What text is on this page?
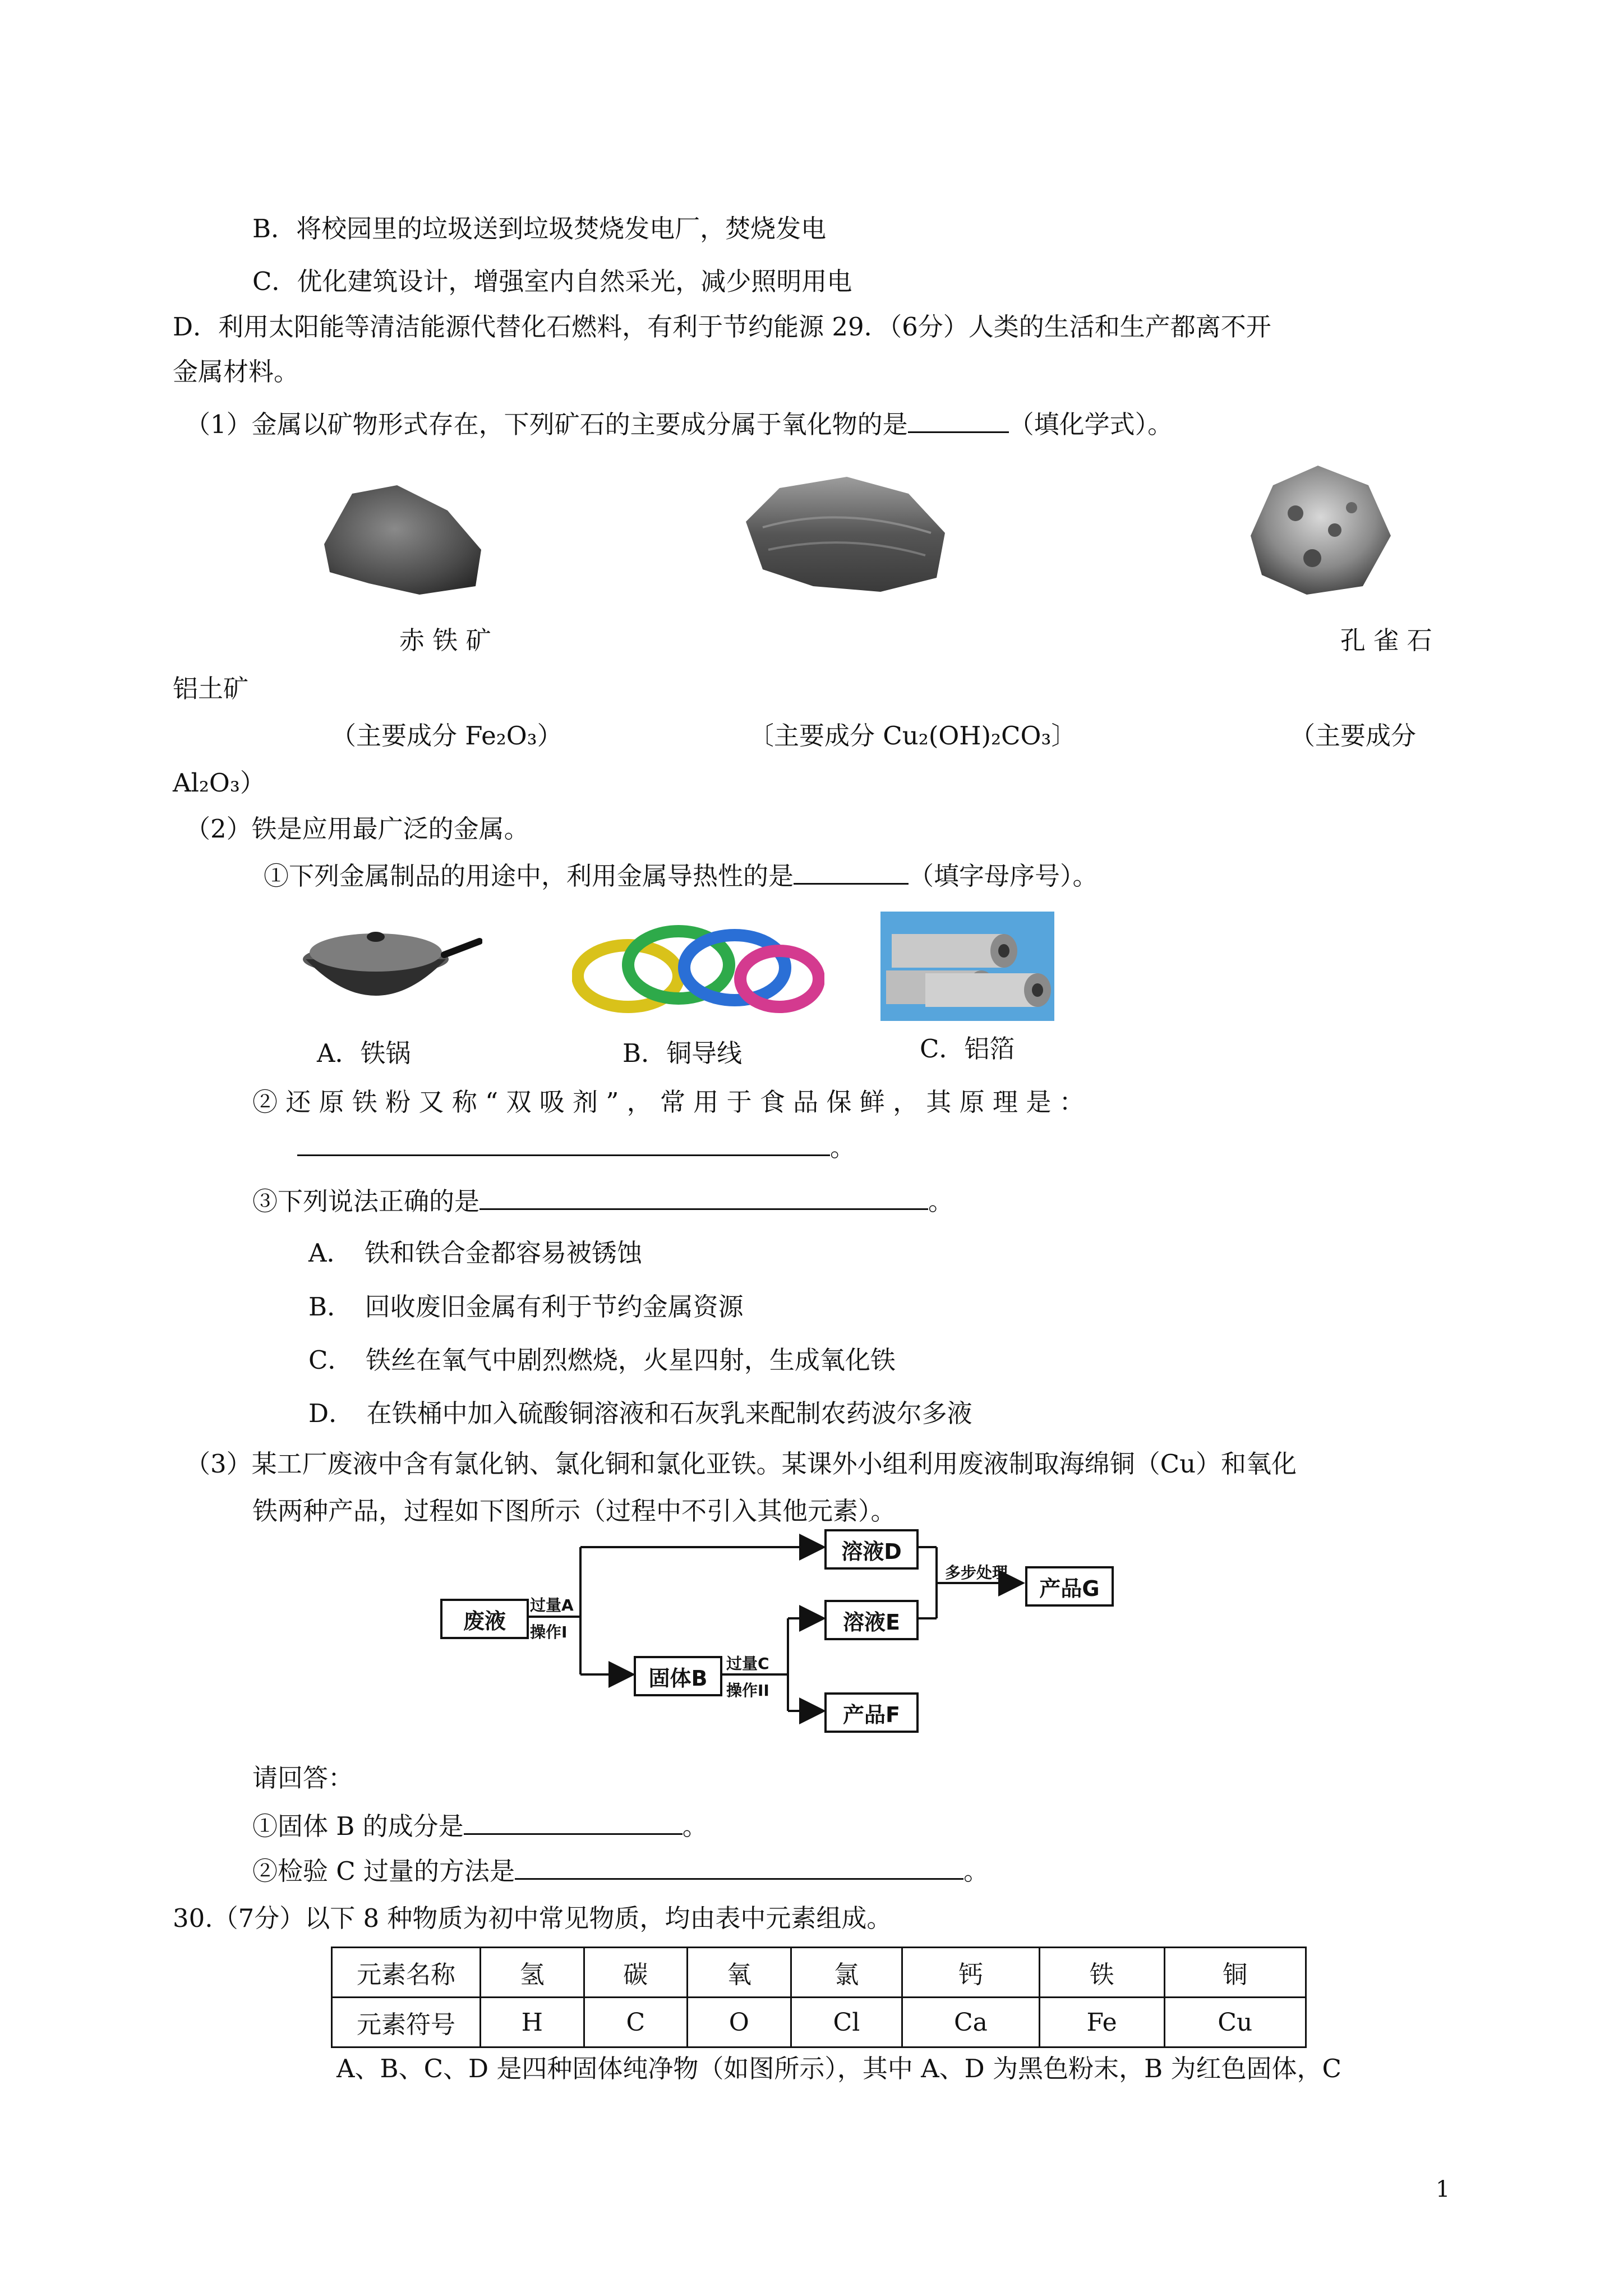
B．将校园里的垃圾送到垃圾焚烧发电厂，焚烧发电
C．优化建筑设计，增强室内自然采光，减少照明用电
D．利用太阳能等清洁能源代替化石燃料，有利于节约能源 29．（6分）人类的生活和生产都离不开
金属材料。
（1）金属以矿物形式存在，下列矿石的主要成分属于氧化物的是	（填化学式）。
赤 铁 矿	孔 雀 石
铝土矿
（主要成分 Fe₂O₃）	〔主要成分 Cu₂(OH)₂CO₃〕	（主要成分
Al₂O₃）
（2）铁是应用最广泛的金属。
①下列金属制品的用途中，利用金属导热性的是	（填字母序号）。
A．铁锅	B．铜导线	C．铝箔
② 还 原 铁 粉 又 称 “ 双 吸 剂 ” ， 常 用 于 食 品 保 鲜 ， 其 原 理 是 ：
。
③下列说法正确的是	。
A．　铁和铁合金都容易被锈蚀
B．　回收废旧金属有利于节约金属资源
C．　铁丝在氧气中剧烈燃烧，火星四射，生成氧化铁
D．　在铁桶中加入硫酸铜溶液和石灰乳来配制农药波尔多液
（3）某工厂废液中含有氯化钠、氯化铜和氯化亚铁。某课外小组利用废液制取海绵铜（Cu）和氧化
铁两种产品，过程如下图所示（过程中不引入其他元素）。
废液
过量A
操作I
固体B
过量C
操作II
溶液D
溶液E
产品F
多步处理
产品G
请回答：
①固体 B 的成分是	。
②检验 C 过量的方法是	。
30.（7分）以下 8 种物质为初中常见物质，均由表中元素组成。
元素名称	氢	碳	氧	氯	钙	铁	铜
元素符号	H	C	O	Cl	Ca	Fe	Cu
A、B、C、D 是四种固体纯净物（如图所示），其中 A、D 为黑色粉末，B 为红色固体，C
1
